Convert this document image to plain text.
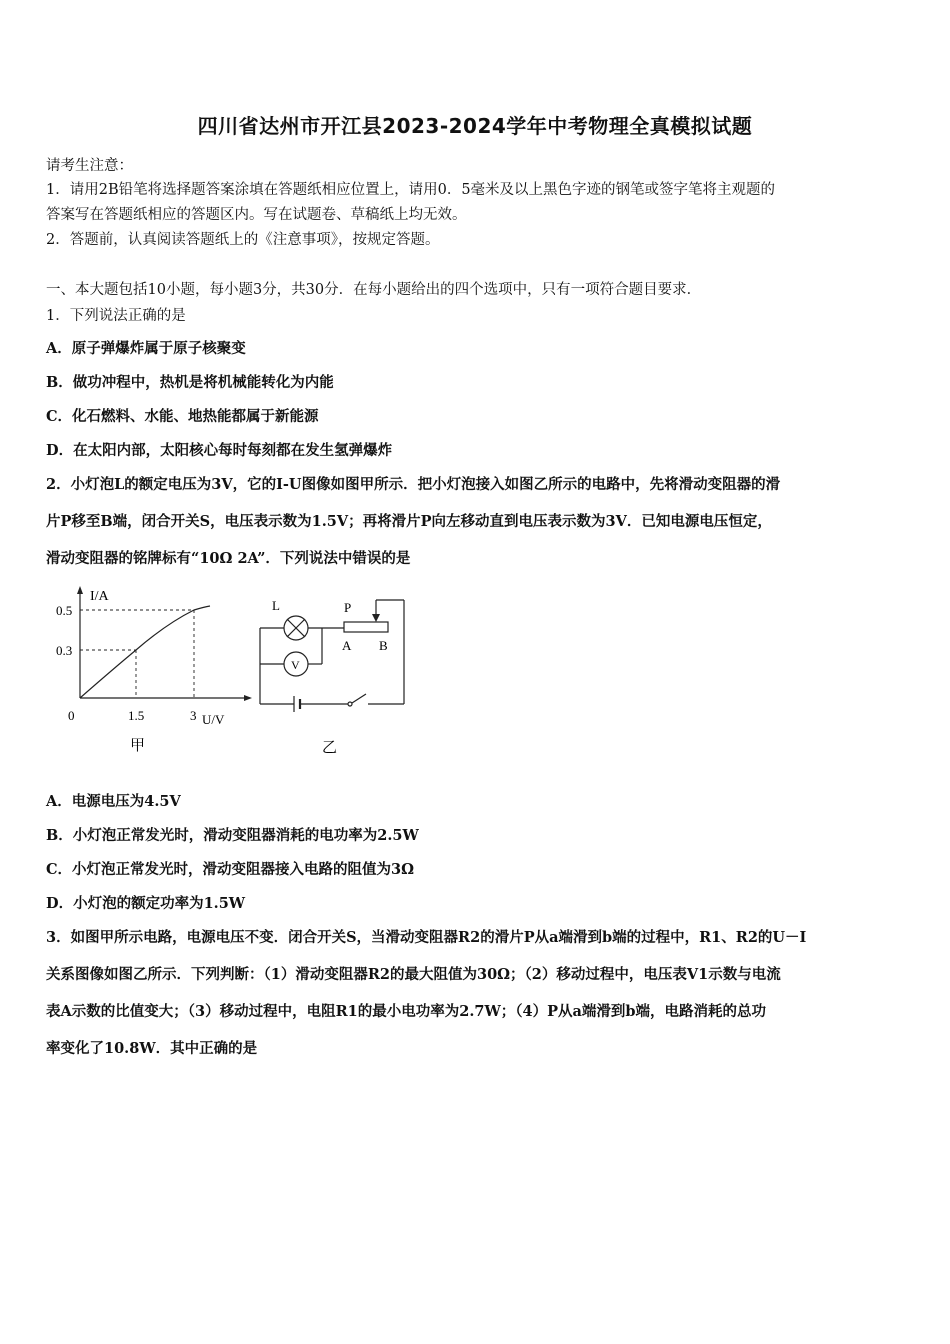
四川省达州市开江县2023-2024学年中考物理全真模拟试题
请考生注意：
1．请用2B铅笔将选择题答案涂填在答题纸相应位置上，请用0．5毫米及以上黑色字迹的钢笔或签字笔将主观题的
答案写在答题纸相应的答题区内。写在试题卷、草稿纸上均无效。
2．答题前，认真阅读答题纸上的《注意事项》，按规定答题。
一、本大题包括10小题，每小题3分，共30分．在每小题给出的四个选项中，只有一项符合题目要求．
1．下列说法正确的是
A．原子弹爆炸属于原子核聚变
B．做功冲程中，热机是将机械能转化为内能
C．化石燃料、水能、地热能都属于新能源
D．在太阳内部，太阳核心每时每刻都在发生氢弹爆炸
2．小灯泡L的额定电压为3V，它的I-U图像如图甲所示．把小灯泡接入如图乙所示的电路中，先将滑动变阻器的滑
片P移至B端，闭合开关S，电压表示数为1.5V；再将滑片P向左移动直到电压表示数为3V．已知电源电压恒定，
滑动变阻器的铭牌标有“10Ω 2A”．下列说法中错误的是
I/A
0.5
0.3
0	1.5	3 U/V
甲
L	P
A B
V
乙
A．电源电压为4.5V
B．小灯泡正常发光时，滑动变阻器消耗的电功率为2.5W
C．小灯泡正常发光时，滑动变阻器接入电路的阻值为3Ω
D．小灯泡的额定功率为1.5W
3．如图甲所示电路，电源电压不变．闭合开关S，当滑动变阻器R2的滑片P从a端滑到b端的过程中，R1、R2的U－I
关系图像如图乙所示．下列判断：（1）滑动变阻器R2的最大阻值为30Ω；（2）移动过程中，电压表V1示数与电流
表A示数的比值变大；（3）移动过程中，电阻R1的最小电功率为2.7W；（4）P从a端滑到b端，电路消耗的总功
率变化了10.8W．其中正确的是
